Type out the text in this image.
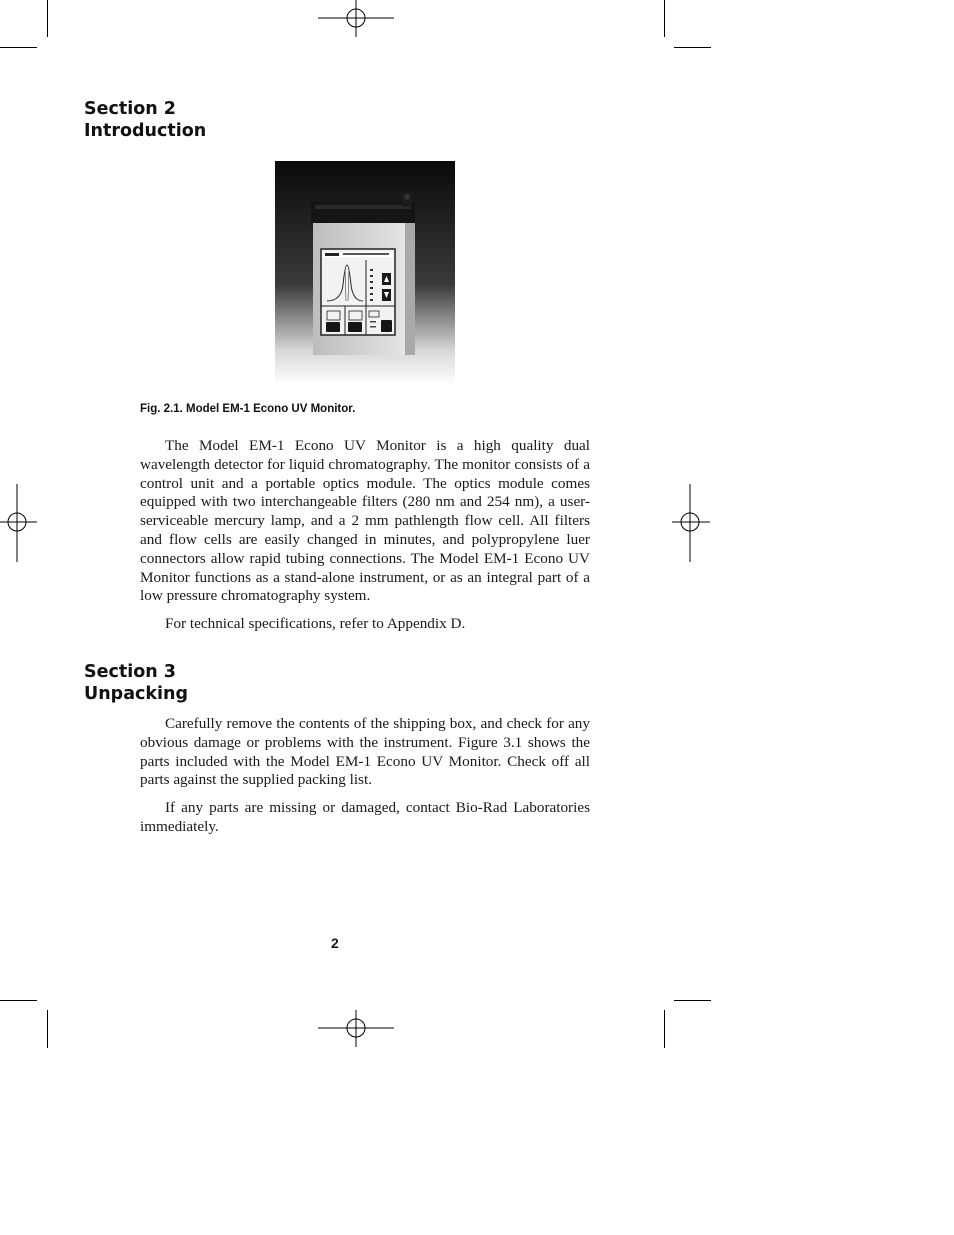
Section 2

Introduction

Fig. 2.1. Model EM-1 Econo UV Monitor.

The Model EM-1 Econo UV Monitor is a high quality dual wavelength detector for liquid chromatography. The monitor consists of a control unit and a portable optics module. The optics module comes equipped with two interchangeable filters (280 nm and 254 nm), a user-serviceable mercury lamp, and a 2 mm pathlength flow cell. All filters and flow cells are easily changed in minutes, and polypropylene luer connectors allow rapid tubing connections. The Model EM-1 Econo UV Monitor functions as a stand-alone instrument, or as an integral part of a low pressure chromatography system.

For technical specifications, refer to Appendix D.

Section 3

Unpacking

Carefully remove the contents of the shipping box, and check for any obvious damage or problems with the instrument. Figure 3.1 shows the parts included with the Model EM-1 Econo UV Monitor. Check off all parts against the supplied packing list.

If any parts are missing or damaged, contact Bio-Rad Laboratories immediately.

2
